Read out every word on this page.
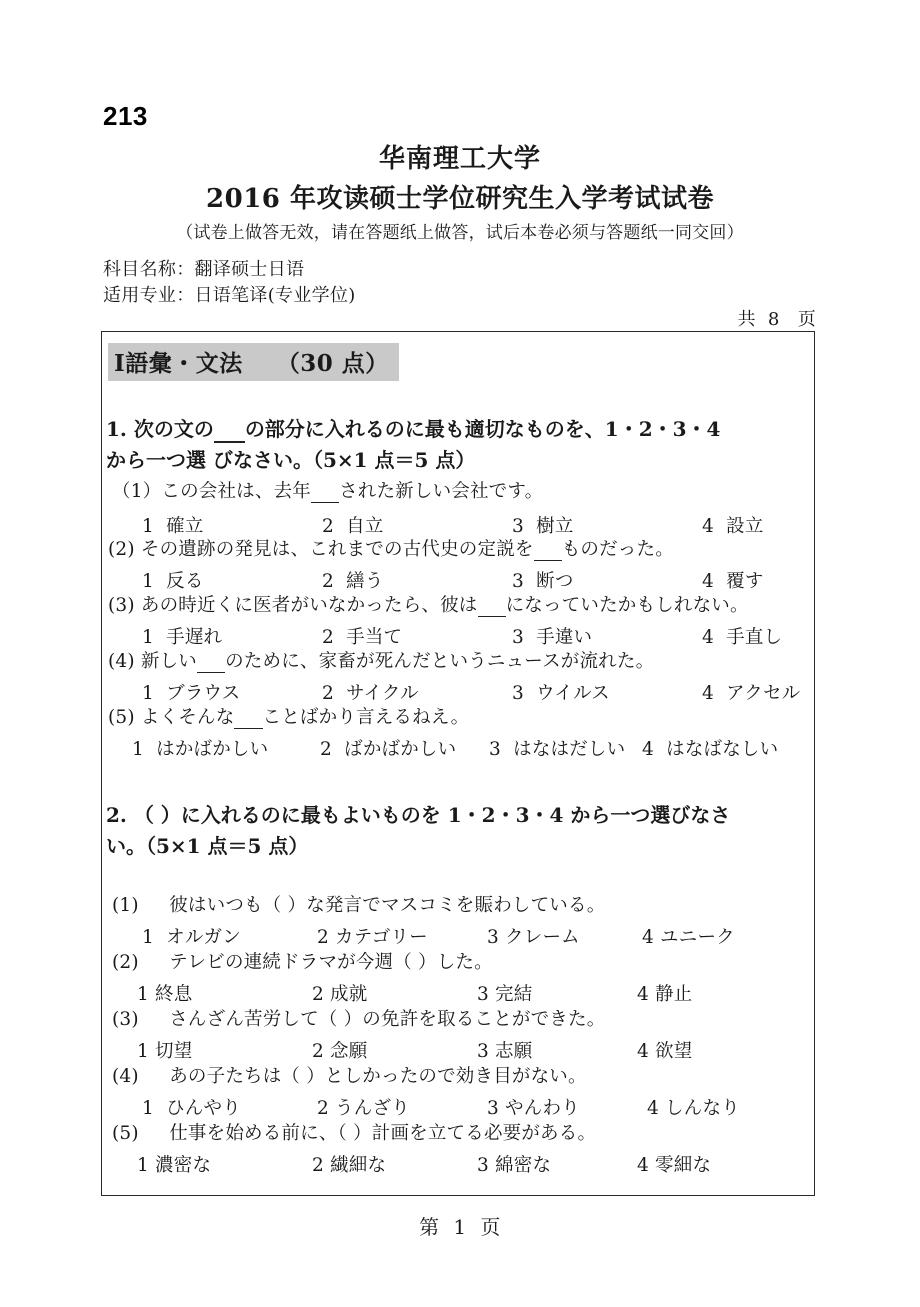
213
华南理工大学
2016 年攻读硕士学位研究生入学考试试卷
（试卷上做答无效，请在答题纸上做答，试后本卷必须与答题纸一同交回）
科目名称：翻译硕士日语
适用专业：日语笔译(专业学位)
共  8   页
Ⅰ語彙・文法    （30 点）
1. 次の文の の部分に入れるのに最も適切なものを、1・2・3・4
から一つ選 びなさい。（5×1 点＝5 点）
（1）この会社は、去年 された新しい会社です。
1  確立	2  自立	3  樹立	4  設立
(2) その遺跡の発見は、これまでの古代史の定説を ものだった。
1  反る	2  繕う	3  断つ	4  覆す
(3) あの時近くに医者がいなかったら、彼は になっていたかもしれない。
1  手遅れ	2  手当て	3  手違い	4  手直し
(4) 新しい のために、家畜が死んだというニュースが流れた。
1  ブラウス	2  サイクル	3  ウイルス	4  アクセル
(5) よくそんな ことばかり言えるねえ。
1  はかばかしい	2  ばかばかしい 3  はなはだしい 4  はなばなしい
2. （ ）に入れるのに最もよいものを 1・2・3・4 から一つ選びなさ
い。（5×1 点＝5 点）
(1) 彼はいつも（ ）な発言でマスコミを賑わしている。
1  オルガン	2 カテゴリー	3 クレーム	4 ユニーク
(2) テレビの連続ドラマが今週（ ）した。
1 終息	2 成就	3 完結	4 静止
(3) さんざん苦労して（ ）の免許を取ることができた。
1 切望	2 念願	3 志願	4 欲望
(4) あの子たちは（ ）としかったので効き目がない。
1  ひんやり	2 うんざり	3 やんわり	4 しんなり
(5) 仕事を始める前に、（ ）計画を立てる必要がある。
1 濃密な	2 繊細な	3 綿密な	4 零細な
第  1  页
